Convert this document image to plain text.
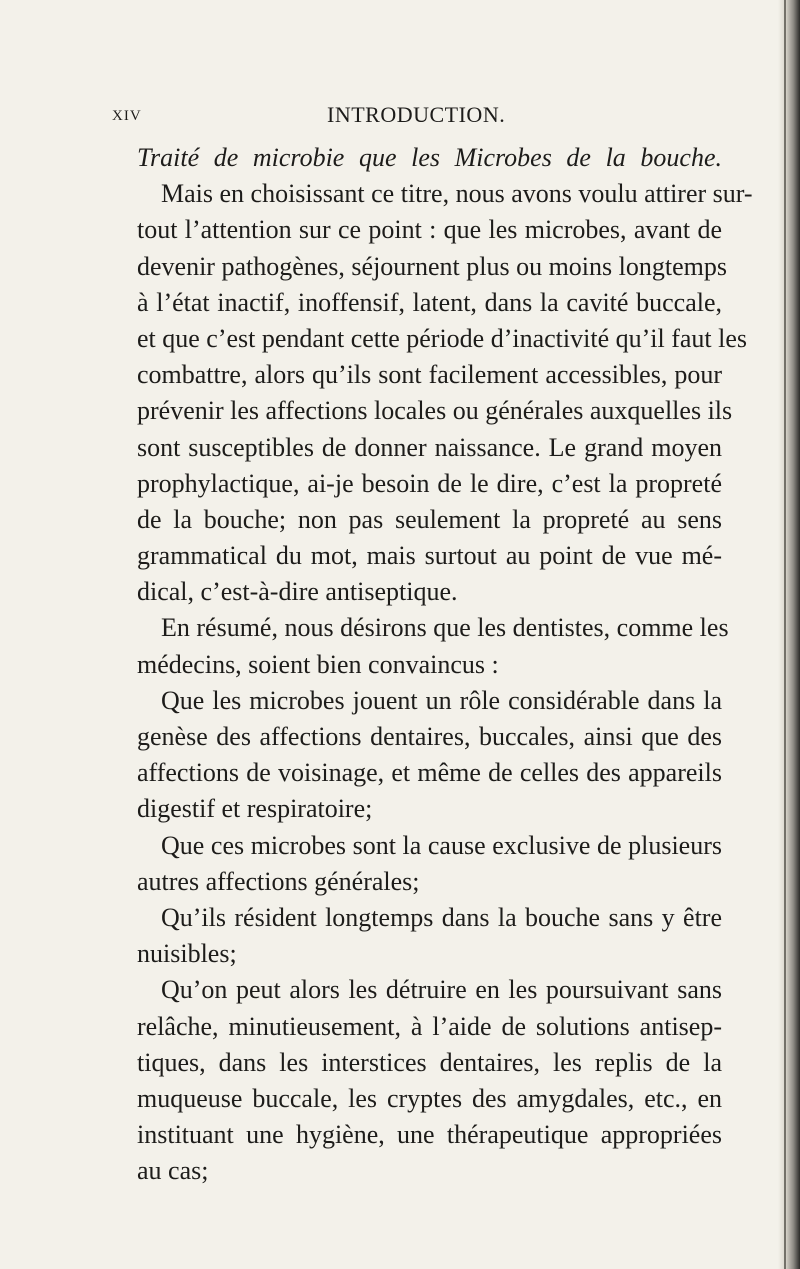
XIV	INTRODUCTION.
Traité de microbie que les Microbes de la bouche.
Mais en choisissant ce titre, nous avons voulu attirer sur-
tout l’attention sur ce point : que les microbes, avant de
devenir pathogènes, séjournent plus ou moins longtemps
à l’état inactif, inoffensif, latent, dans la cavité buccale,
et que c’est pendant cette période d’inactivité qu’il faut les
combattre, alors qu’ils sont facilement accessibles, pour
prévenir les affections locales ou générales auxquelles ils
sont susceptibles de donner naissance. Le grand moyen
prophylactique, ai-je besoin de le dire, c’est la propreté
de la bouche; non pas seulement la propreté au sens
grammatical du mot, mais surtout au point de vue mé-
dical, c’est-à-dire antiseptique.
En résumé, nous désirons que les dentistes, comme les
médecins, soient bien convaincus :
Que les microbes jouent un rôle considérable dans la
genèse des affections dentaires, buccales, ainsi que des
affections de voisinage, et même de celles des appareils
digestif et respiratoire;
Que ces microbes sont la cause exclusive de plusieurs
autres affections générales;
Qu’ils résident longtemps dans la bouche sans y être
nuisibles;
Qu’on peut alors les détruire en les poursuivant sans
relâche, minutieusement, à l’aide de solutions antisep-
tiques, dans les interstices dentaires, les replis de la
muqueuse buccale, les cryptes des amygdales, etc., en
instituant une hygiène, une thérapeutique appropriées
au cas;
